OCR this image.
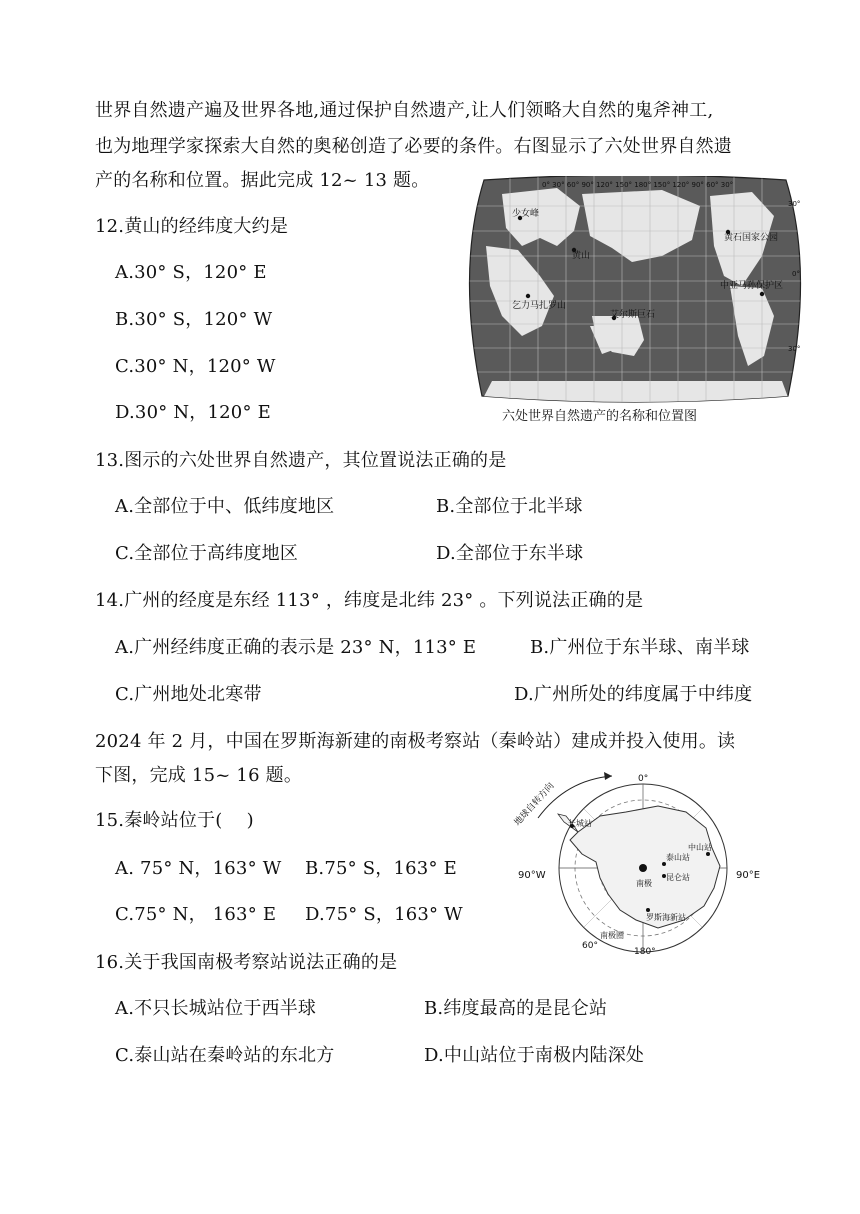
世界自然遗产遍及世界各地,通过保护自然遗产,让人们领略大自然的鬼斧神工,
也为地理学家探索大自然的奥秘创造了必要的条件。右图显示了六处世界自然遗
产的名称和位置。据此完成 12~ 13 题。
12.黄山的经纬度大约是
A.30° S，120° E
B.30° S，120° W
C.30° N，120° W
D.30° N，120° E
0° 30° 60° 90° 120° 150° 180° 150° 120° 90° 60° 30°
少女峰
黄山
黄石国家公园
乞力马扎罗山
艾尔斯巨石
中亚马孙保护区
30°
0°
30°
六处世界自然遗产的名称和位置图
13.图示的六处世界自然遗产，其位置说法正确的是
A.全部位于中、低纬度地区	B.全部位于北半球
C.全部位于高纬度地区	D.全部位于东半球
14.广州的经度是东经 113° ，纬度是北纬 23° 。下列说法正确的是
A.广州经纬度正确的表示是 23° N，113° E	B.广州位于东半球、南半球
C.广州地处北寒带	D.广州所处的纬度属于中纬度
2024 年 2 月，中国在罗斯海新建的南极考察站（秦岭站）建成并投入使用。读
下图，完成 15~ 16 题。
15.秦岭站位于(　 )
A. 75° N，163° W B.75° S，163° E
C.75° N， 163° E D.75° S，163° W
地球自转方向
0°
90°W	90°E
180°
60°
南极圈
长城站
中山站
泰山站
昆仑站
罗斯海新站
南极
16.关于我国南极考察站说法正确的是
A.不只长城站位于西半球	B.纬度最高的是昆仑站
C.泰山站在秦岭站的东北方	D.中山站位于南极内陆深处
